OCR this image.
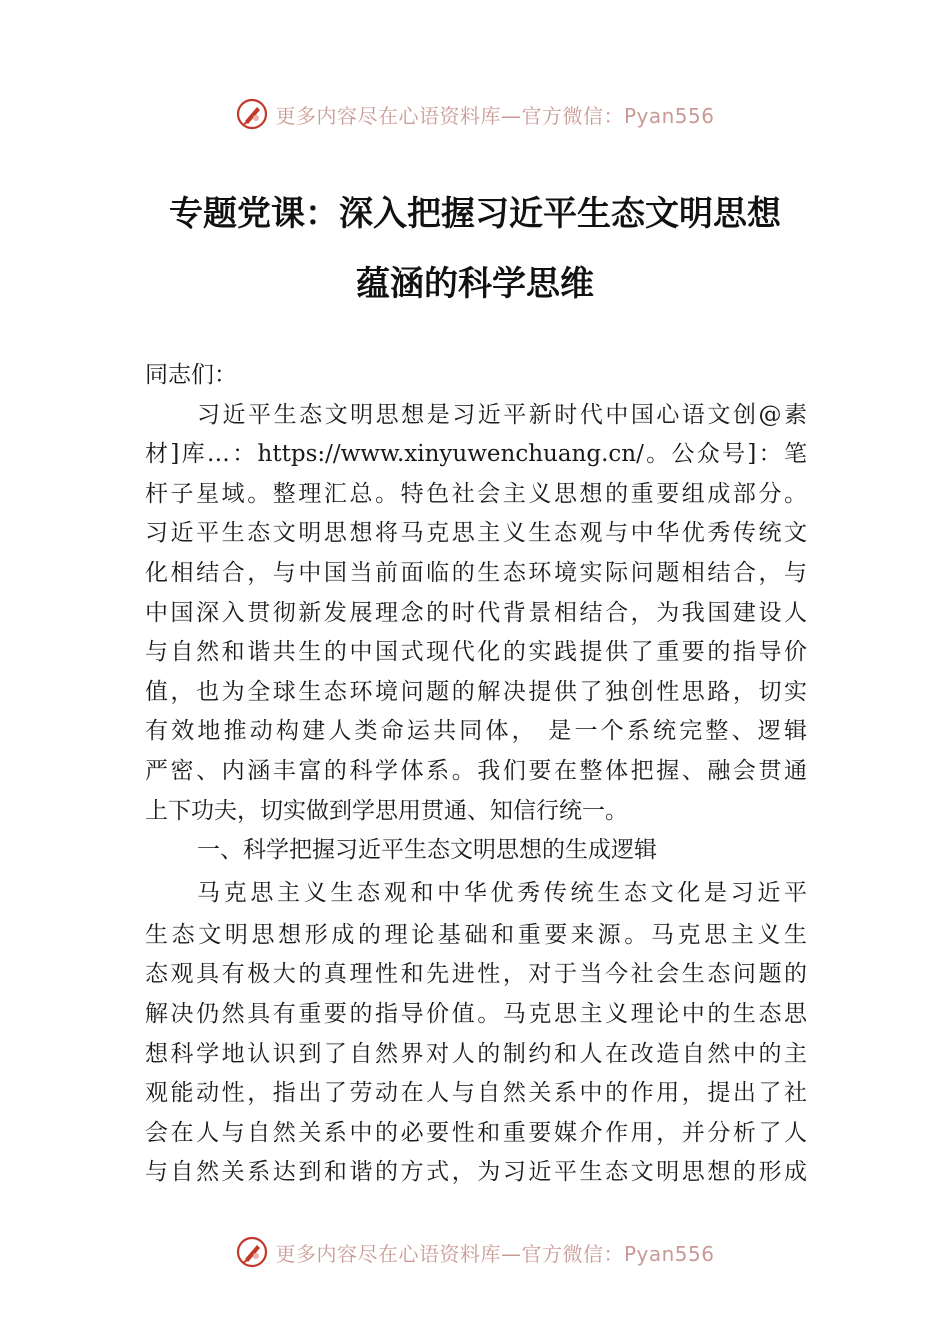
更多内容尽在心语资料库—官方微信：Pyan556
专题党课：深入把握习近平生态文明思想
蕴涵的科学思维
同志们：
习近平生态文明思想是习近平新时代中国心语文创@素
材]库…：https://www.xinyuwenchuang.cn/。公众号]：笔
杆子星域。整理汇总。特色社会主义思想的重要组成部分。
习近平生态文明思想将马克思主义生态观与中华优秀传统文
化相结合，与中国当前面临的生态环境实际问题相结合，与
中国深入贯彻新发展理念的时代背景相结合，为我国建设人
与自然和谐共生的中国式现代化的实践提供了重要的指导价
值，也为全球生态环境问题的解决提供了独创性思路，切实
有效地推动构建人类命运共同体， 是一个系统完整、逻辑
严密、内涵丰富的科学体系。我们要在整体把握、融会贯通
上下功夫，切实做到学思用贯通、知信行统一。
一、科学把握习近平生态文明思想的生成逻辑
马克思主义生态观和中华优秀传统生态文化是习近平
生态文明思想形成的理论基础和重要来源。马克思主义生
态观具有极大的真理性和先进性，对于当今社会生态问题的
解决仍然具有重要的指导价值。马克思主义理论中的生态思
想科学地认识到了自然界对人的制约和人在改造自然中的主
观能动性，指出了劳动在人与自然关系中的作用，提出了社
会在人与自然关系中的必要性和重要媒介作用，并分析了人
与自然关系达到和谐的方式，为习近平生态文明思想的形成
更多内容尽在心语资料库—官方微信：Pyan556
